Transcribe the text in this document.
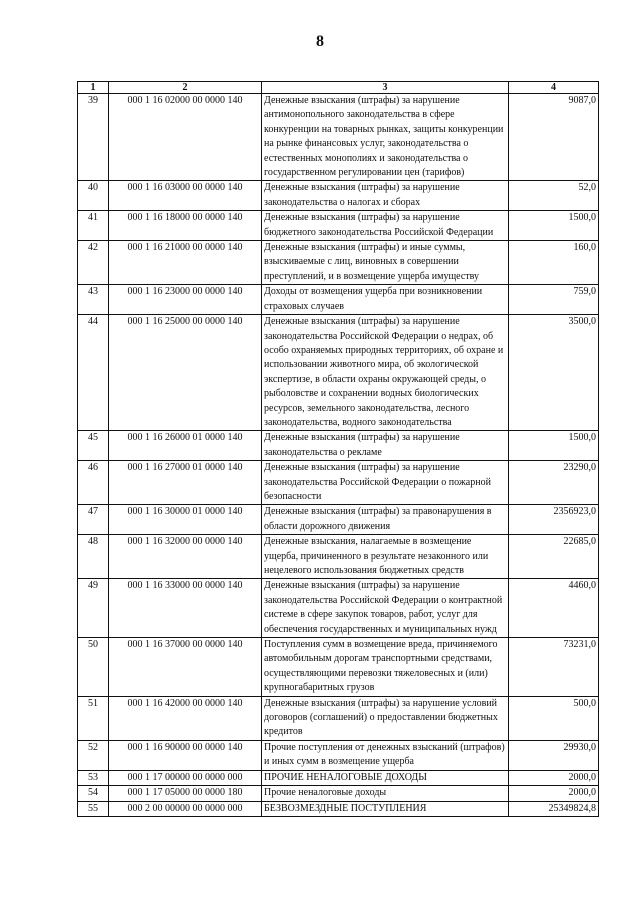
8
1	2	3	4
39	000 1 16 02000 00 0000 140	Денежные взыскания (штрафы) за нарушение антимонопольного законодательства в сфере конкуренции на товарных рынках, защиты конкуренции на рынке финансовых услуг, законодательства о естественных монополиях и законодательства о государственном регулировании цен (тарифов)	9087,0
40	000 1 16 03000 00 0000 140	Денежные взыскания (штрафы) за нарушение законодательства о налогах и сборах	52,0
41	000 1 16 18000 00 0000 140	Денежные взыскания (штрафы) за нарушение бюджетного законодательства Российской Федерации	1500,0
42	000 1 16 21000 00 0000 140	Денежные взыскания (штрафы) и иные суммы, взыскиваемые с лиц, виновных в совершении преступлений, и в возмещение ущерба имуществу	160,0
43	000 1 16 23000 00 0000 140	Доходы от возмещения ущерба при возникновении страховых случаев	759,0
44	000 1 16 25000 00 0000 140	Денежные взыскания (штрафы) за нарушение законодательства Российской Федерации о недрах, об особо охраняемых природных территориях, об охране и использовании животного мира, об экологической экспертизе, в области охраны окружающей среды, о рыболовстве и сохранении водных биологических ресурсов, земельного законодательства, лесного законодательства, водного законодательства	3500,0
45	000 1 16 26000 01 0000 140	Денежные взыскания (штрафы) за нарушение законодательства о рекламе	1500,0
46	000 1 16 27000 01 0000 140	Денежные взыскания (штрафы) за нарушение законодательства Российской Федерации о пожарной безопасности	23290,0
47	000 1 16 30000 01 0000 140	Денежные взыскания (штрафы) за правонарушения в области дорожного движения	2356923,0
48	000 1 16 32000 00 0000 140	Денежные взыскания, налагаемые в возмещение ущерба, причиненного в результате незаконного или нецелевого использования бюджетных средств	22685,0
49	000 1 16 33000 00 0000 140	Денежные взыскания (штрафы) за нарушение законодательства Российской Федерации о контрактной системе в сфере закупок товаров, работ, услуг для обеспечения государственных и муниципальных нужд	4460,0
50	000 1 16 37000 00 0000 140	Поступления сумм в возмещение вреда, причиняемого автомобильным дорогам транспортными средствами, осуществляющими перевозки тяжеловесных и (или) крупногабаритных грузов	73231,0
51	000 1 16 42000 00 0000 140	Денежные взыскания (штрафы) за нарушение условий договоров (соглашений) о предоставлении бюджетных кредитов	500,0
52	000 1 16 90000 00 0000 140	Прочие поступления от денежных взысканий (штрафов) и иных сумм в возмещение ущерба	29930,0
53	000 1 17 00000 00 0000 000	ПРОЧИЕ НЕНАЛОГОВЫЕ ДОХОДЫ	2000,0
54	000 1 17 05000 00 0000 180	Прочие неналоговые доходы	2000,0
55	000 2 00 00000 00 0000 000	БЕЗВОЗМЕЗДНЫЕ ПОСТУПЛЕНИЯ	25349824,8
